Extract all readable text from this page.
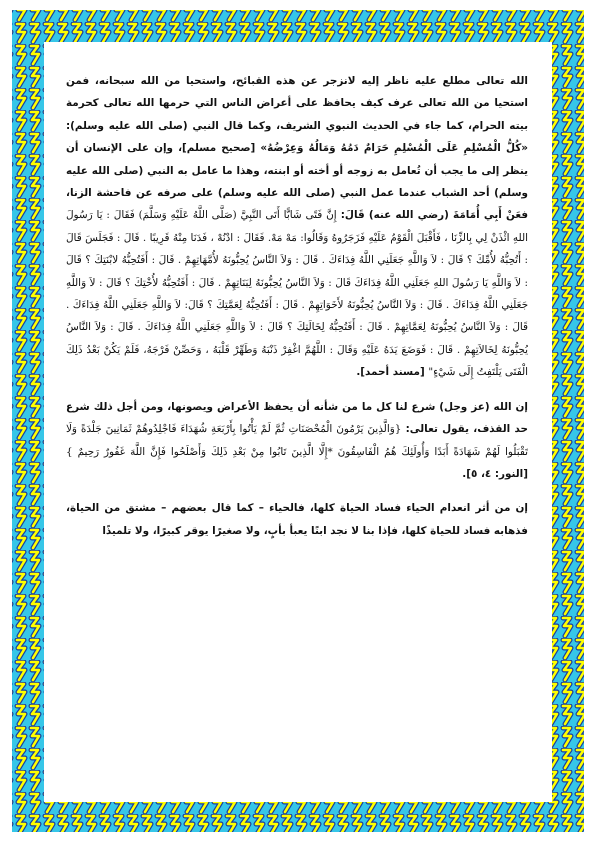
الله تعالى مطلع عليه ناظر إليه لانزجر عن هذه القبائح، واستحيا من الله سبحانه، فمن استحيا من الله تعالى عرف كيف يحافظ على أعراض الناس التي حرمها الله تعالى كحرمة بيته الحرام، كما جاء في الحديث النبوي الشريف، وكما قال النبي (صلى الله عليه وسلم): «كُلُّ الْمُسْلِمِ عَلَى الْمُسْلِمِ حَرَامٌ دَمُهُ وَمَالُهُ وَعِرْضُهُ» [صحيح مسلم]، وإن على الإنسان أن ينظر إلى ما يجب أن تُعامل به زوجه أو أخته أو ابنته، وهذا ما عامل به النبي (صلى الله عليه وسلم) أحد الشباب عندما عمل النبي (صلى الله عليه وسلم) على صرفه عن فاحشة الزنا، فعَنْ أَبِي أُمَامَةَ (رضي الله عنه) قَالَ: إِنَّ فَتًى شَابًّا أَتَى النَّبِيَّ (صَلَّى اللَّهُ عَلَيْهِ وَسَلَّمَ) فَقَالَ : يَا رَسُولَ اللهِ ائْذَنْ لِي بِالزِّنَا ، فَأَقْبَلَ الْقَوْمُ عَلَيْهِ فَزَجَرُوهُ وَقَالُوا: مَهْ مَهْ. فَقَالَ : ادْنُهْ ، فَدَنَا مِنْهُ قَرِيبًا . قَالَ : فَجَلَسَ قَالَ : أَتُحِبُّهُ لأُمِّكَ ؟ قَالَ : لاَ وَاللَّهِ جَعَلَنِي اللَّهُ فِدَاءَكَ . قَالَ : وَلاَ النَّاسُ يُحِبُّونَهُ لأُمَّهَاتِهِمْ . قَالَ : أَفَتُحِبُّهُ لابْنَتِكَ ؟ قَالَ : لاَ وَاللَّهِ يَا رَسُولَ اللهِ جَعَلَنِي اللَّهُ فِدَاءَكَ قَالَ : وَلاَ النَّاسُ يُحِبُّونَهُ لِبَنَاتِهِمْ . قَالَ : أَفَتُحِبُّهُ لأُخْتِكَ ؟ قَالَ : لاَ وَاللَّهِ جَعَلَنِي اللَّهُ فِدَاءَكَ . قَالَ : وَلاَ النَّاسُ يُحِبُّونَهُ لأَخَوَاتِهِمْ . قَالَ : أَفَتُحِبُّهُ لِعَمَّتِكَ ؟ قَالَ: لاَ وَاللَّهِ جَعَلَنِي اللَّهُ فِدَاءَكَ . قَالَ : وَلاَ النَّاسُ يُحِبُّونَهُ لِعَمَّاتِهِمْ . قَالَ : أَفَتُحِبُّهُ لِخَالَتِكَ ؟ قَالَ : لاَ وَاللَّهِ جَعَلَنِي اللَّهُ فِدَاءَكَ . قَالَ : وَلاَ النَّاسُ يُحِبُّونَهُ لِخَالاَتِهِمْ . قَالَ : فَوَضَعَ يَدَهُ عَلَيْهِ وَقَالَ : اللَّهُمَّ اغْفِرْ ذَنْبَهُ وَطَهِّرْ قَلْبَهُ ، وَحَصِّنْ فَرْجَهُ، فَلَمْ يَكُنْ بَعْدُ ذَلِكَ الْفَتَى يَلْتَفِتُ إِلَى شَيْءٍ" [مسند أحمد].

إن الله (عز وجل) شرع لنا كل ما من شأنه أن يحفظ الأعراض ويصونها، ومن أجل ذلك شرع حد القذف، يقول تعالى: {وَالَّذِينَ يَرْمُونَ الْمُحْصَنَاتِ ثُمَّ لَمْ يَأْتُوا بِأَرْبَعَةِ شُهَدَاءَ فَاجْلِدُوهُمْ ثَمَانِينَ جَلْدَةً وَلَا تَقْبَلُوا لَهُمْ شَهَادَةً أَبَدًا وَأُولَئِكَ هُمُ الْفَاسِقُونَ *إِلَّا الَّذِينَ تَابُوا مِنْ بَعْدِ ذَلِكَ وَأَصْلَحُوا فَإِنَّ اللَّهَ غَفُورٌ رَحِيمٌ } [النور: ٤، ٥].

إن من أثر انعدام الحياء فساد الحياة كلها، فالحياء – كما قال بعضهم – مشتق من الحياة، فذهابه فساد للحياة كلها، فإذا بنا لا نجد ابنًا يعبأ بأبٍ، ولا صغيرًا يوقر كبيرًا، ولا تلميذًا
